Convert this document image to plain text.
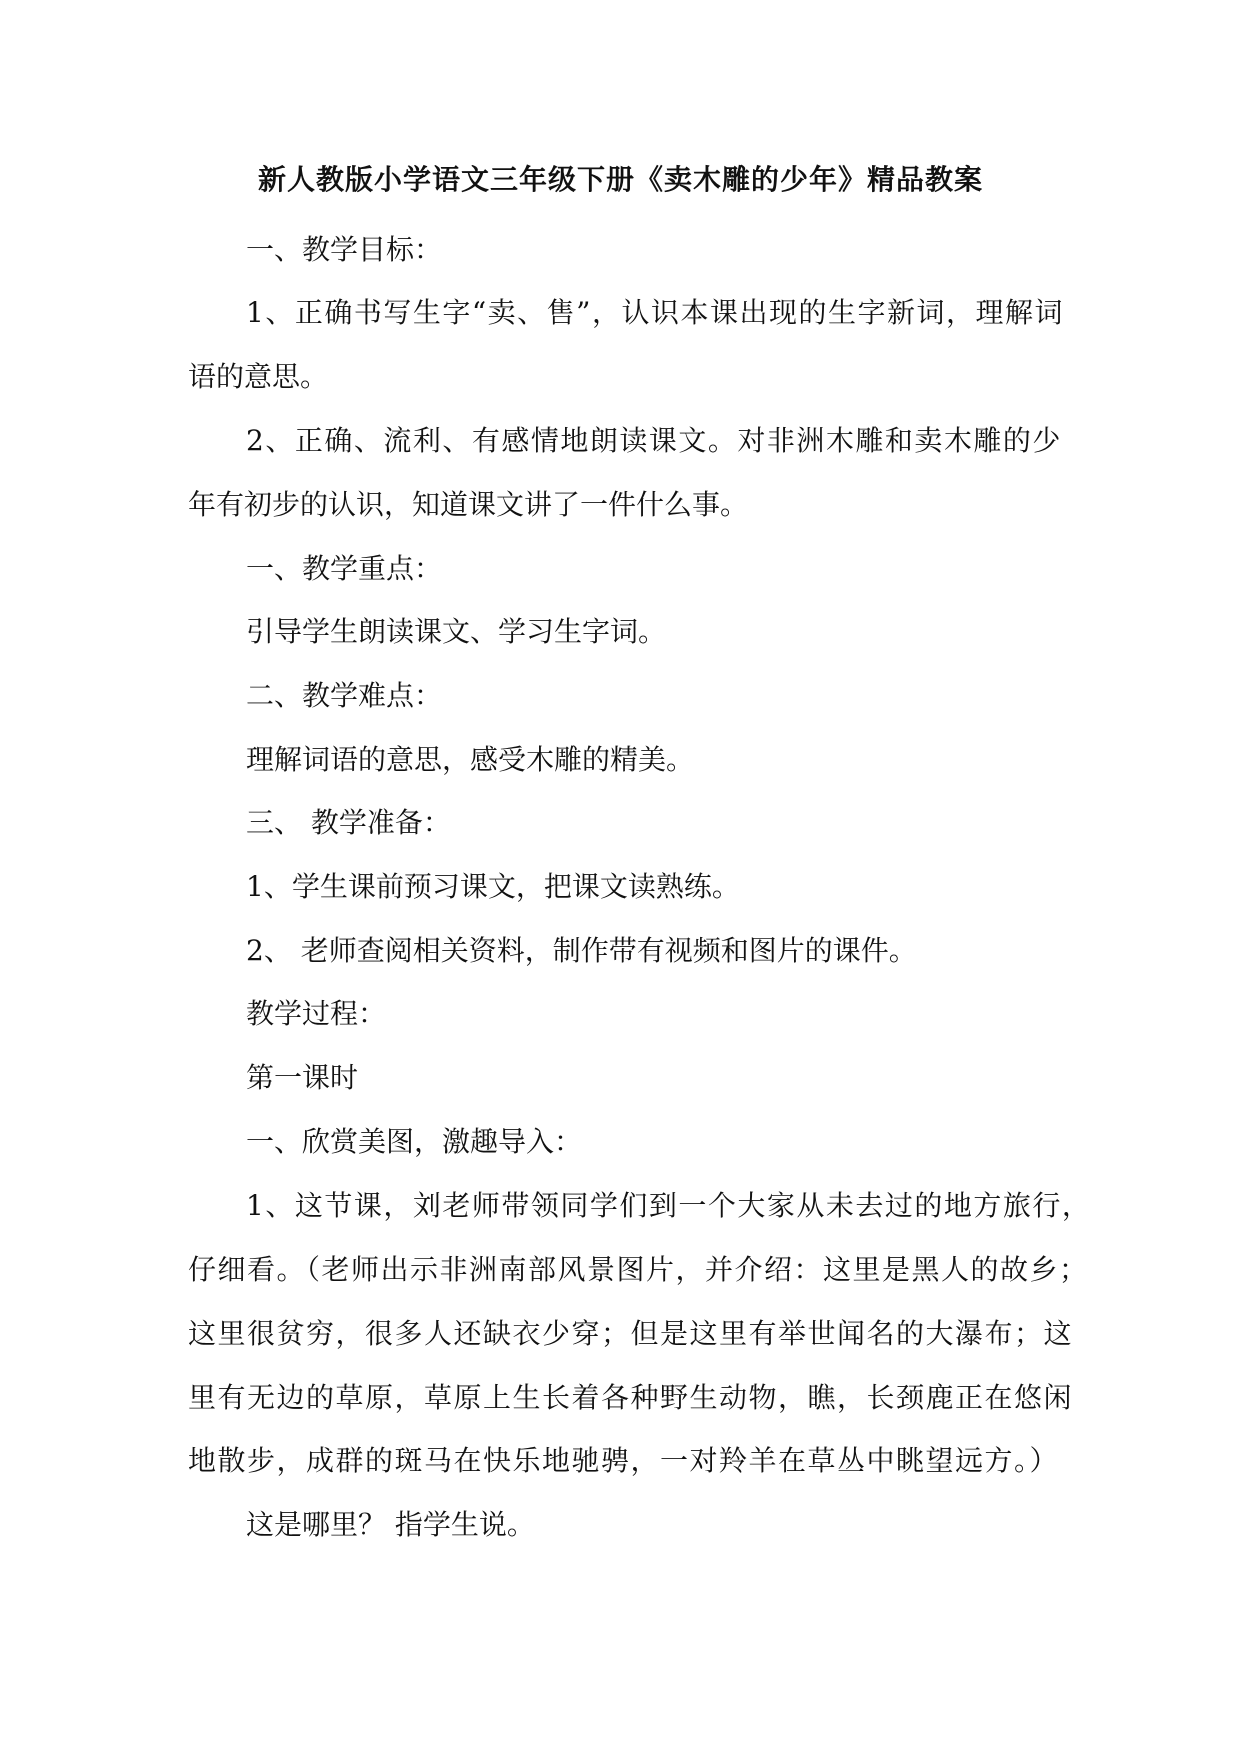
新人教版小学语文三年级下册《卖木雕的少年》精品教案
一、教学目标：
1、正确书写生字“卖、售”，认识本课出现的生字新词，理解词
语的意思。
2、正确、流利、有感情地朗读课文。对非洲木雕和卖木雕的少
年有初步的认识，知道课文讲了一件什么事。
一、教学重点：
引导学生朗读课文、学习生字词。
二、教学难点：
理解词语的意思，感受木雕的精美。
三、 教学准备：
1、学生课前预习课文，把课文读熟练。
2、 老师查阅相关资料，制作带有视频和图片的课件。
教学过程：
第一课时
一、欣赏美图，激趣导入：
1、这节课，刘老师带领同学们到一个大家从未去过的地方旅行，
仔细看。（老师出示非洲南部风景图片，并介绍：这里是黑人的故乡；
这里很贫穷，很多人还缺衣少穿；但是这里有举世闻名的大瀑布；这
里有无边的草原，草原上生长着各种野生动物，瞧，长颈鹿正在悠闲
地散步，成群的斑马在快乐地驰骋，一对羚羊在草丛中眺望远方。）
这是哪里？ 指学生说。
